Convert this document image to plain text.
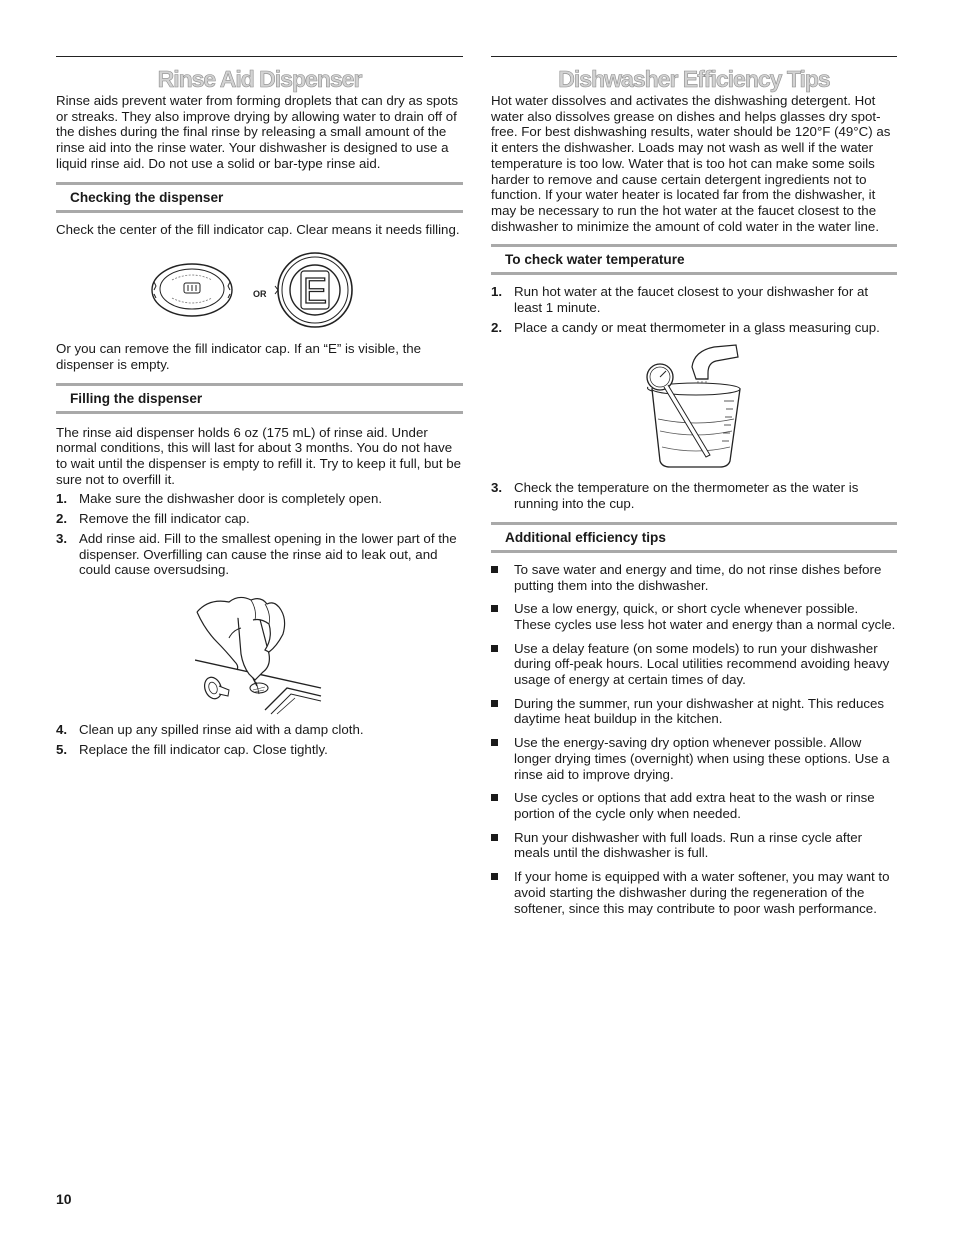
Rinse Aid Dispenser

Rinse aids prevent water from forming droplets that can dry as spots or streaks. They also improve drying by allowing water to drain off of the dishes during the final rinse by releasing a small amount of the rinse aid into the rinse water. Your dishwasher is designed to use a liquid rinse aid. Do not use a solid or bar-type rinse aid.

Checking the dispenser

Check the center of the fill indicator cap. Clear means it needs filling.

OR E

Or you can remove the fill indicator cap. If an “E” is visible, the dispenser is empty.

Filling the dispenser

The rinse aid dispenser holds 6 oz (175 mL) of rinse aid. Under normal conditions, this will last for about 3 months. You do not have to wait until the dispenser is empty to refill it. Try to keep it full, but be sure not to overfill it.

1. Make sure the dishwasher door is completely open.
2. Remove the fill indicator cap.
3. Add rinse aid. Fill to the smallest opening in the lower part of the dispenser. Overfilling can cause the rinse aid to leak out, and could cause oversudsing.
4. Clean up any spilled rinse aid with a damp cloth.
5. Replace the fill indicator cap. Close tightly.
Dishwasher Efficiency Tips

Hot water dissolves and activates the dishwashing detergent. Hot water also dissolves grease on dishes and helps glasses dry spot-free. For best dishwashing results, water should be 120°F (49°C) as it enters the dishwasher. Loads may not wash as well if the water temperature is too low. Water that is too hot can make some soils harder to remove and cause certain detergent ingredients not to function. If your water heater is located far from the dishwasher, it may be necessary to run the hot water at the faucet closest to the dishwasher to minimize the amount of cold water in the water line.

To check water temperature
1. Run hot water at the faucet closest to your dishwasher for at least 1 minute.
2. Place a candy or meat thermometer in a glass measuring cup.
3. Check the temperature on the thermometer as the water is running into the cup.
Additional efficiency tips
To save water and energy and time, do not rinse dishes before putting them into the dishwasher.
Use a low energy, quick, or short cycle whenever possible. These cycles use less hot water and energy than a normal cycle.
Use a delay feature (on some models) to run your dishwasher during off-peak hours. Local utilities recommend avoiding heavy usage of energy at certain times of day.
During the summer, run your dishwasher at night. This reduces daytime heat buildup in the kitchen.
Use the energy-saving dry option whenever possible. Allow longer drying times (overnight) when using these options. Use a rinse aid to improve drying.
Use cycles or options that add extra heat to the wash or rinse portion of the cycle only when needed.
Run your dishwasher with full loads. Run a rinse cycle after meals until the dishwasher is full.
If your home is equipped with a water softener, you may want to avoid starting the dishwasher during the regeneration of the softener, since this may contribute to poor wash performance.
10
